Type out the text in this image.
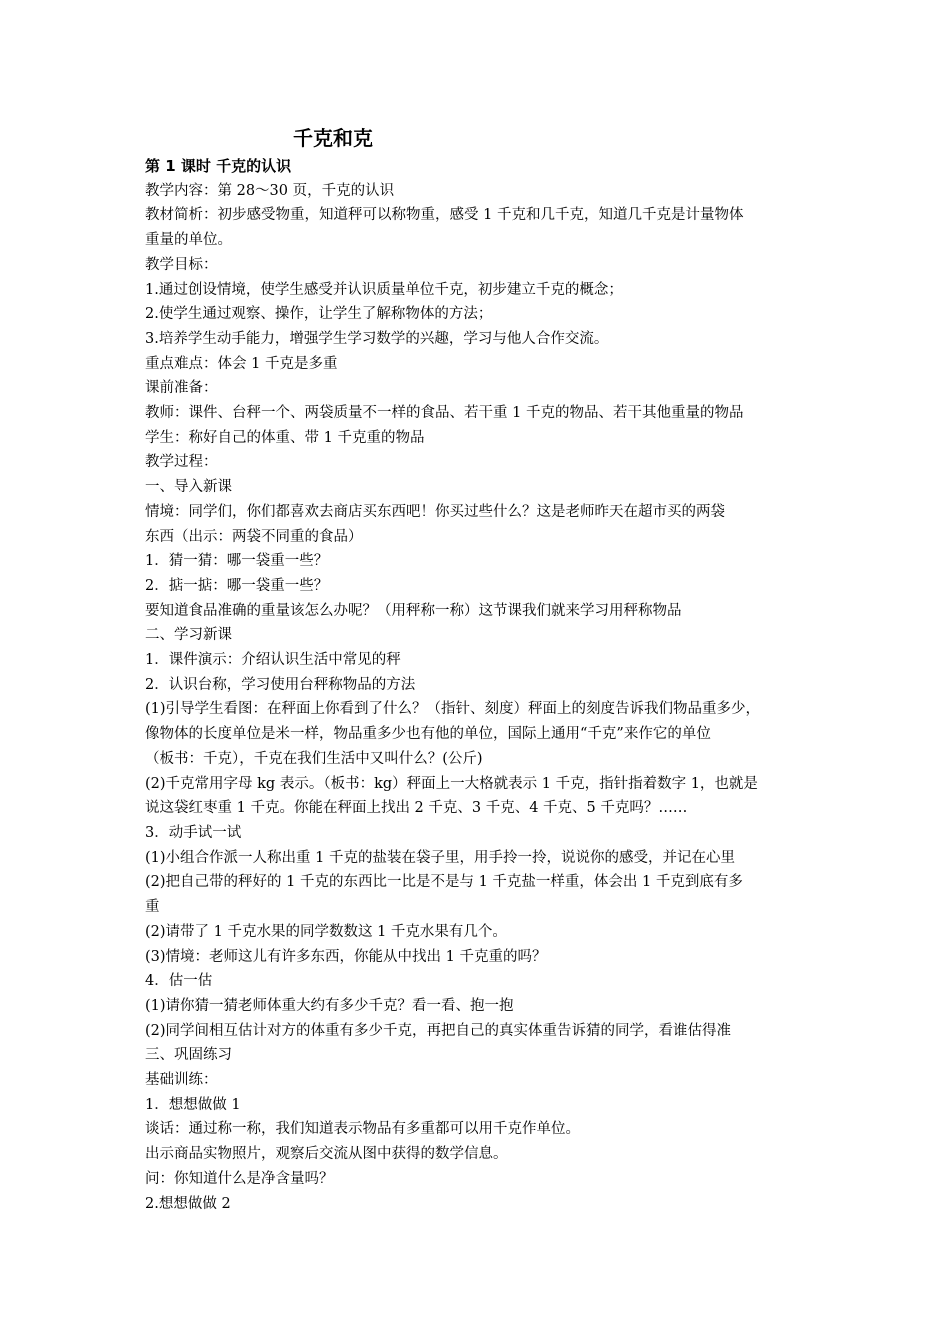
千克和克
第 1 课时 千克的认识
教学内容：第 28～30 页，千克的认识
教材简析：初步感受物重，知道秤可以称物重，感受 1 千克和几千克，知道几千克是计量物体
重量的单位。
教学目标：
1.通过创设情境，使学生感受并认识质量单位千克，初步建立千克的概念；
2.使学生通过观察、操作，让学生了解称物体的方法；
3.培养学生动手能力，增强学生学习数学的兴趣，学习与他人合作交流。
重点难点：体会 1 千克是多重
课前准备：
教师：课件、台秤一个、两袋质量不一样的食品、若干重 1 千克的物品、若干其他重量的物品
学生：称好自己的体重、带 1 千克重的物品
教学过程：
一、导入新课
情境：同学们，你们都喜欢去商店买东西吧！你买过些什么？这是老师昨天在超市买的两袋
东西（出示：两袋不同重的食品）
1．猜一猜：哪一袋重一些？
2．掂一掂：哪一袋重一些？
要知道食品准确的重量该怎么办呢？（用秤称一称）这节课我们就来学习用秤称物品
二、学习新课
1．课件演示：介绍认识生活中常见的秤
2．认识台称，学习使用台秤称物品的方法
(1)引导学生看图：在秤面上你看到了什么？（指针、刻度）秤面上的刻度告诉我们物品重多少，
像物体的长度单位是米一样，物品重多少也有他的单位，国际上通用“千克”来作它的单位
（板书：千克），千克在我们生活中又叫什么？(公斤)
(2)千克常用字母 kg 表示。（板书：kg）秤面上一大格就表示 1 千克，指针指着数字 1，也就是
说这袋红枣重 1 千克。你能在秤面上找出 2 千克、3 千克、4 千克、5 千克吗？……
3．动手试一试
(1)小组合作派一人称出重 1 千克的盐装在袋子里，用手拎一拎，说说你的感受，并记在心里
(2)把自己带的秤好的 1 千克的东西比一比是不是与 1 千克盐一样重，体会出 1 千克到底有多
重
(2)请带了 1 千克水果的同学数数这 1 千克水果有几个。
(3)情境：老师这儿有许多东西，你能从中找出 1 千克重的吗？
4．估一估
(1)请你猜一猜老师体重大约有多少千克？看一看、抱一抱
(2)同学间相互估计对方的体重有多少千克，再把自己的真实体重告诉猜的同学，看谁估得准
三、巩固练习
基础训练：
1．想想做做 1
谈话：通过称一称，我们知道表示物品有多重都可以用千克作单位。
出示商品实物照片，观察后交流从图中获得的数学信息。
问：你知道什么是净含量吗？
2.想想做做 2
